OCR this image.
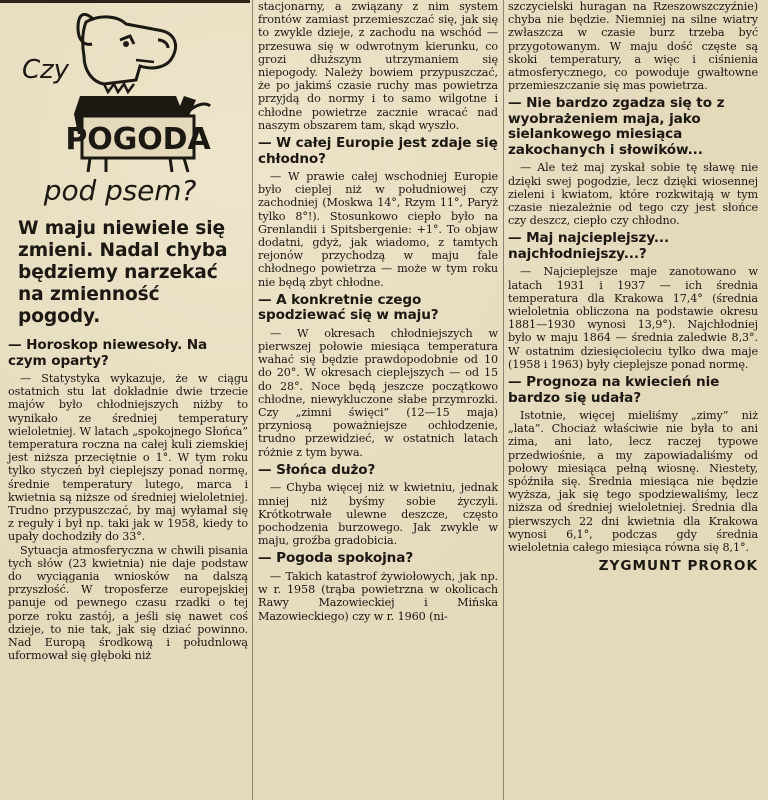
POGODA
Czy
pod psem?
W maju niewiele się zmieni. Nadal chyba będziemy narzekać na zmienność pogody.
— Horoskop niewesoły. Na czym oparty?

— Statystyka wykazuje, że w ciągu ostatnich stu lat dokładnie dwie trzecie majów było chłodniejszych niżby to wynikało ze średniej temperatury wieloletniej. W latach „spokojnego Słońca” temperatura roczna na całej kuli ziemskiej jest niższa przeciętnie o 1°. W tym roku tylko styczeń był cieplejszy ponad normę, średnie temperatury lutego, marca i kwietnia są niższe od średniej wieloletniej. Trudno przypuszczać, by maj wyłamał się z reguły i był np. taki jak w 1958, kiedy to upały dochodziły do 33°.

Sytuacja atmosferyczna w chwili pisania tych słów (23 kwietnia) nie daje podstaw do wyciągania wniosków na dalszą przyszłość. W troposferze europejskiej panuje od pewnego czasu rzadki o tej porze roku zastój, a jeśli się nawet coś dzieje, to nie tak, jak się dziać powinno. Nad Europą środkową i połudnlową uformował się głęboki niż

stacjonarny, a związany z nim system frontów zamiast przemieszczać się, jak się to zwykle dzieje, z zachodu na wschód — przesuwa się w odwrotnym kierunku, co grozi dłuższym utrzymaniem się niepogody. Należy bowiem przypuszczać, że po jakimś czasie ruchy mas powietrza przyjdą do normy i to samo wilgotne i chłodne powietrze zacznie wracać nad naszym obszarem tam, skąd wyszło.

— W całej Europie jest zdaje się chłodno?

— W prawie całej wschodniej Europie było cieplej niż w południowej czy zachodniej (Moskwa 14°, Rzym 11°, Paryż tylko 8°!). Stosunkowo ciepło było na Grenlandii i Spitsbergenie: +1°. To objaw dodatni, gdyż, jak wiadomo, z tamtych rejonów przychodzą w maju fale chłodnego powietrza — może w tym roku nie będą zbyt chłodne.

— A konkretnie czego spodziewać się w maju?

— W okresach chłodniejszych w pierwszej połowie miesiąca temperatura wahać się będzie prawdopodobnie od 10 do 20°. W okresach cieplejszych — od 15 do 28°. Noce będą jeszcze początkowo chłodne, niewykluczone słabe przymrozki. Czy „zimni święci” (12—15 maja) przyniosą poważniejsze ochłodzenie, trudno przewidzieć, w ostatnich latach różnie z tym bywa.

— Słońca dużo?

— Chyba więcej niż w kwietniu, jednak mniej niż byśmy sobie życzyli. Krótkotrwałe ulewne deszcze, często pochodzenia burzowego. Jak zwykle w maju, groźba gradobicia.

— Pogoda spokojna?

— Takich katastrof żywiołowych, jak np. w r. 1958 (trąba powietrzna w okolicach Rawy Mazowieckiej i Mińska Mazowieckiego) czy w r. 1960 (ni-

szczycielski huragan na Rzeszowszczyźnie) chyba nie będzie. Niemniej na silne wiatry zwłaszcza w czasie burz trzeba być przygotowanym. W maju dość częste są skoki temperatury, a więc i ciśnienia atmosferycznego, co powoduje gwałtowne przemieszczanie się mas powietrza.

— Nie bardzo zgadza się to z wyobrażeniem maja, jako sielankowego miesiąca zakochanych i słowików...

— Ale też maj zyskał sobie tę sławę nie dzięki swej pogodzie, lecz dzięki wiosennej zieleni i kwiatom, które rozkwitają w tym czasie niezależnie od tego czy jest słońce czy deszcz, ciepło czy chłodno.

— Maj najcieplejszy... najchłodniejszy...?

— Najcieplejsze maje zanotowano w latach 1931 i 1937 — ich średnia temperatura dla Krakowa 17,4° (średnia wieloletnia obliczona na podstawie okresu 1881—1930 wynosi 13,9°). Najchłodniej było w maju 1864 — średnia zaledwie 8,3°. W ostatnim dziesięcioleciu tylko dwa maje (1958 i 1963) były cieplejsze ponad normę.

— Prognoza na kwiecień nie bardzo się udała?

Istotnie, więcej mieliśmy „zimy” niż „lata”. Chociaż właściwie nie była to ani zima, ani lato, lecz raczej typowe przedwiośnie, a my zapowiadaliśmy od połowy miesiąca pełną wiosnę. Niestety, spóźniła się. Średnia miesiąca nie będzie wyższa, jak się tego spodziewaliśmy, lecz niższa od średniej wieloletniej. Średnia dla pierwszych 22 dni kwietnia dla Krakowa wynosi 6,1°, podczas gdy średnia wieloletnia całego miesiąca równa się 8,1°.

ZYGMUNT PROROK
